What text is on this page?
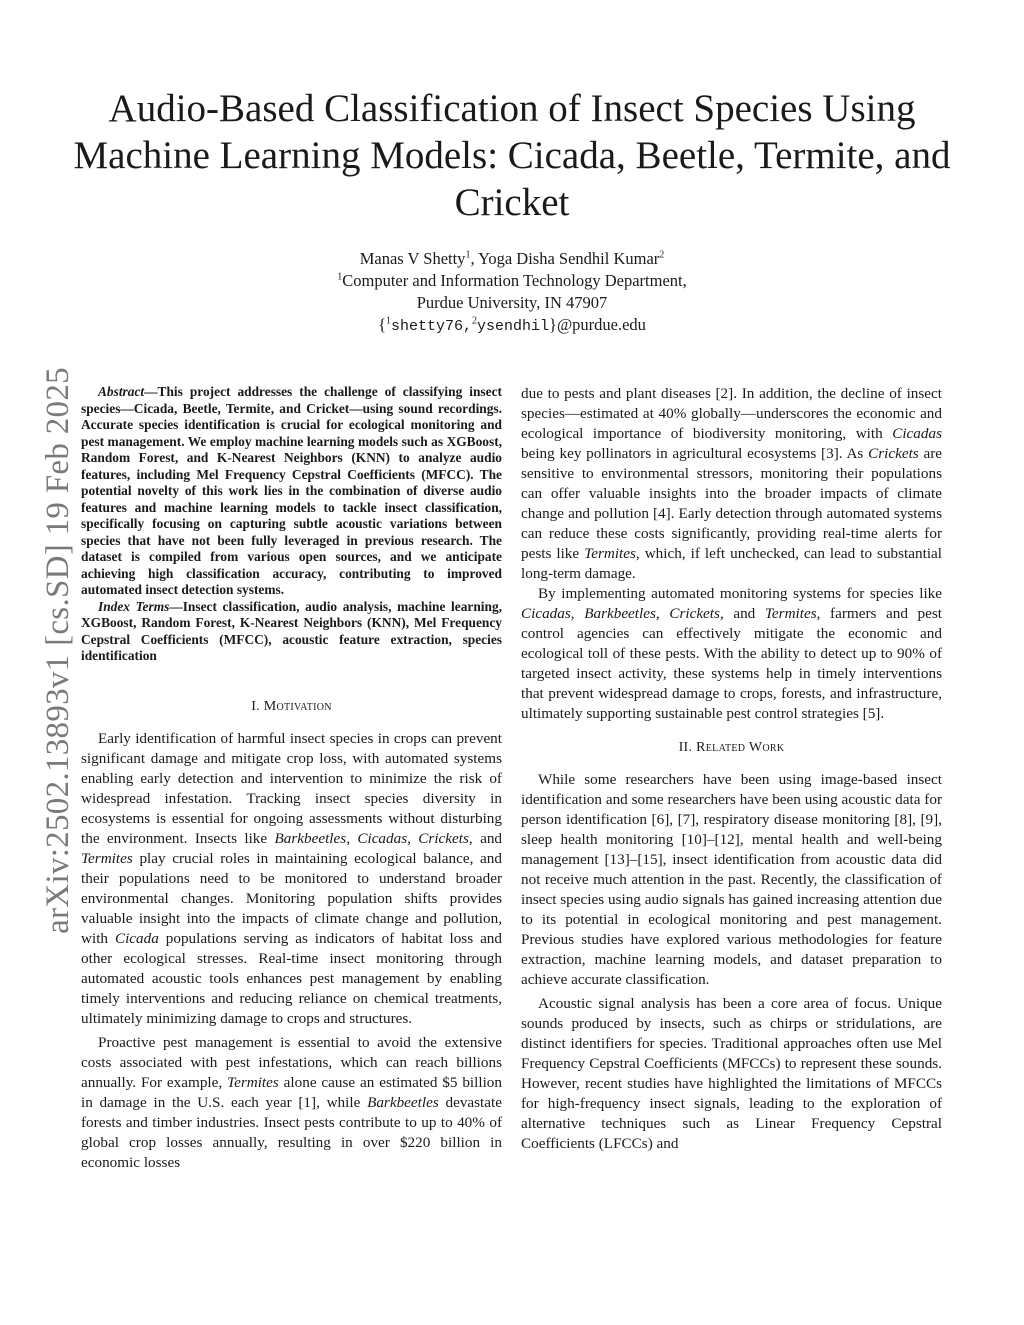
arXiv:2502.13893v1 [cs.SD] 19 Feb 2025
Audio-Based Classification of Insect Species Using Machine Learning Models: Cicada, Beetle, Termite, and Cricket
Manas V Shetty$^1$, Yoga Disha Sendhil Kumar$^2$
$^1$Computer and Information Technology Department,
Purdue University, IN 47907
{$^1$shetty76,$^2$ysendhil}@purdue.edu

Abstract—This project addresses the challenge of classifying insect species—Cicada, Beetle, Termite, and Cricket—using sound recordings. Accurate species identification is crucial for ecological monitoring and pest management. We employ machine learning models such as XGBoost, Random Forest, and K-Nearest Neighbors (KNN) to analyze audio features, including Mel Frequency Cepstral Coefficients (MFCC). The potential novelty of this work lies in the combination of diverse audio features and machine learning models to tackle insect classification, specifically focusing on capturing subtle acoustic variations between species that have not been fully leveraged in previous research. The dataset is compiled from various open sources, and we anticipate achieving high classification accuracy, contributing to improved automated insect detection systems.

Index Terms—Insect classification, audio analysis, machine learning, XGBoost, Random Forest, K-Nearest Neighbors (KNN), Mel Frequency Cepstral Coefficients (MFCC), acoustic feature extraction, species identification

I. Motivation

Early identification of harmful insect species in crops can prevent significant damage and mitigate crop loss, with automated systems enabling early detection and intervention to minimize the risk of widespread infestation. Tracking insect species diversity in ecosystems is essential for ongoing assessments without disturbing the environment. Insects like Barkbeetles, Cicadas, Crickets, and Termites play crucial roles in maintaining ecological balance, and their populations need to be monitored to understand broader environmental changes. Monitoring population shifts provides valuable insight into the impacts of climate change and pollution, with Cicada populations serving as indicators of habitat loss and other ecological stresses. Real-time insect monitoring through automated acoustic tools enhances pest management by enabling timely interventions and reducing reliance on chemical treatments, ultimately minimizing damage to crops and structures.

Proactive pest management is essential to avoid the extensive costs associated with pest infestations, which can reach billions annually. For example, Termites alone cause an estimated $5 billion in damage in the U.S. each year [1], while Barkbeetles devastate forests and timber industries. Insect pests contribute to up to 40% of global crop losses annually, resulting in over $220 billion in economic losses

due to pests and plant diseases [2]. In addition, the decline of insect species—estimated at 40% globally—underscores the economic and ecological importance of biodiversity monitoring, with Cicadas being key pollinators in agricultural ecosystems [3]. As Crickets are sensitive to environmental stressors, monitoring their populations can offer valuable insights into the broader impacts of climate change and pollution [4]. Early detection through automated systems can reduce these costs significantly, providing real-time alerts for pests like Termites, which, if left unchecked, can lead to substantial long-term damage.

By implementing automated monitoring systems for species like Cicadas, Barkbeetles, Crickets, and Termites, farmers and pest control agencies can effectively mitigate the economic and ecological toll of these pests. With the ability to detect up to 90% of targeted insect activity, these systems help in timely interventions that prevent widespread damage to crops, forests, and infrastructure, ultimately supporting sustainable pest control strategies [5].

II. Related Work

While some researchers have been using image-based insect identification and some researchers have been using acoustic data for person identification [6], [7], respiratory disease monitoring [8], [9], sleep health monitoring [10]–[12], mental health and well-being management [13]–[15], insect identification from acoustic data did not receive much attention in the past. Recently, the classification of insect species using audio signals has gained increasing attention due to its potential in ecological monitoring and pest management. Previous studies have explored various methodologies for feature extraction, machine learning models, and dataset preparation to achieve accurate classification.

Acoustic signal analysis has been a core area of focus. Unique sounds produced by insects, such as chirps or stridulations, are distinct identifiers for species. Traditional approaches often use Mel Frequency Cepstral Coefficients (MFCCs) to represent these sounds. However, recent studies have highlighted the limitations of MFCCs for high-frequency insect signals, leading to the exploration of alternative techniques such as Linear Frequency Cepstral Coefficients (LFCCs) and
